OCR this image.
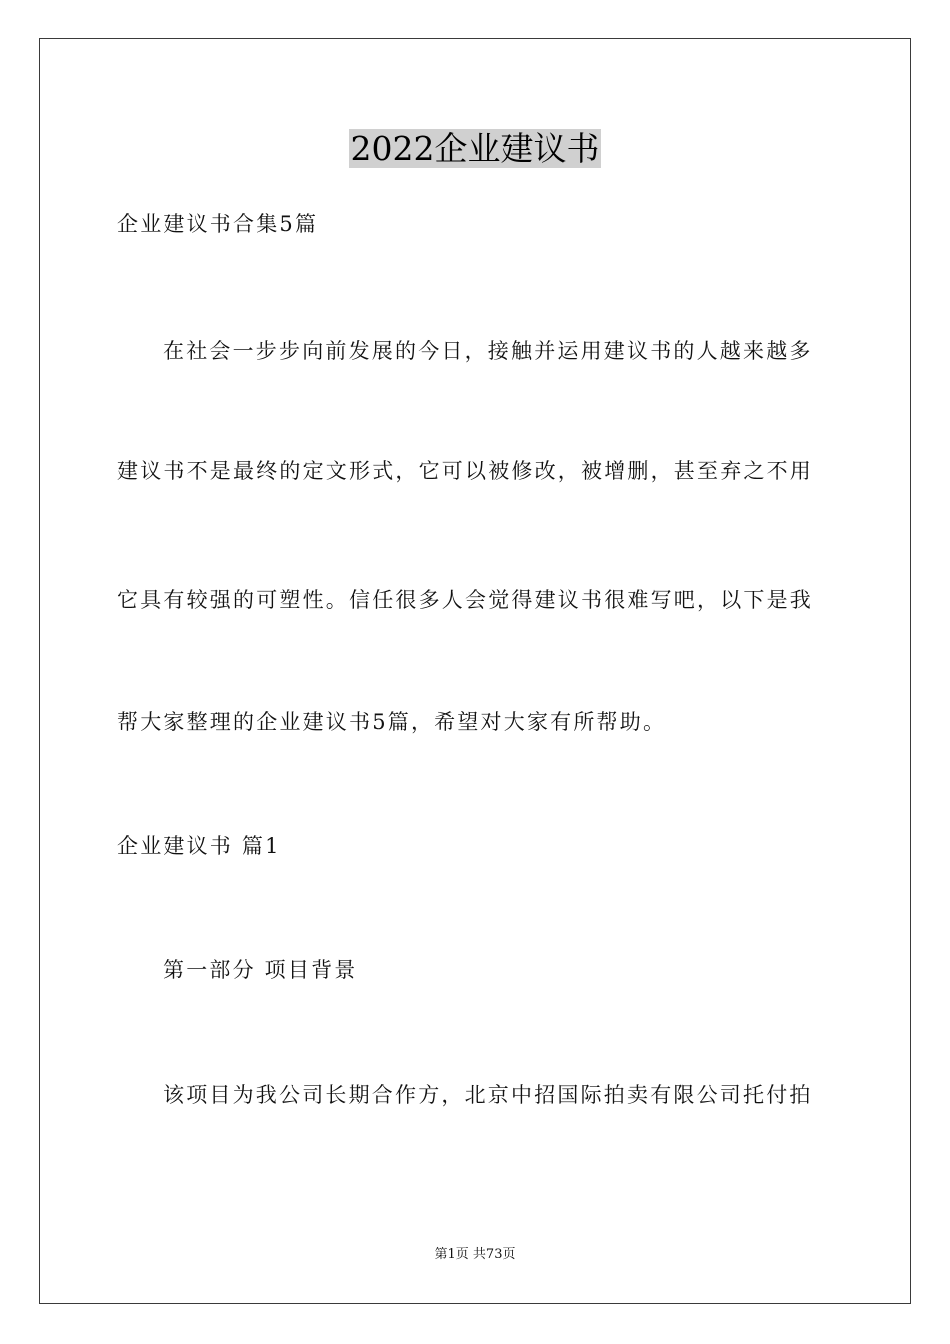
2022企业建议书
企业建议书合集5篇
在社会一步步向前发展的今日，接触并运用建议书的人越来越多
建议书不是最终的定文形式，它可以被修改，被增删，甚至弃之不用
它具有较强的可塑性。信任很多人会觉得建议书很难写吧，以下是我
帮大家整理的企业建议书5篇，希望对大家有所帮助。
企业建议书 篇1
第一部分 项目背景
该项目为我公司长期合作方，北京中招国际拍卖有限公司托付拍
第1页 共73页
